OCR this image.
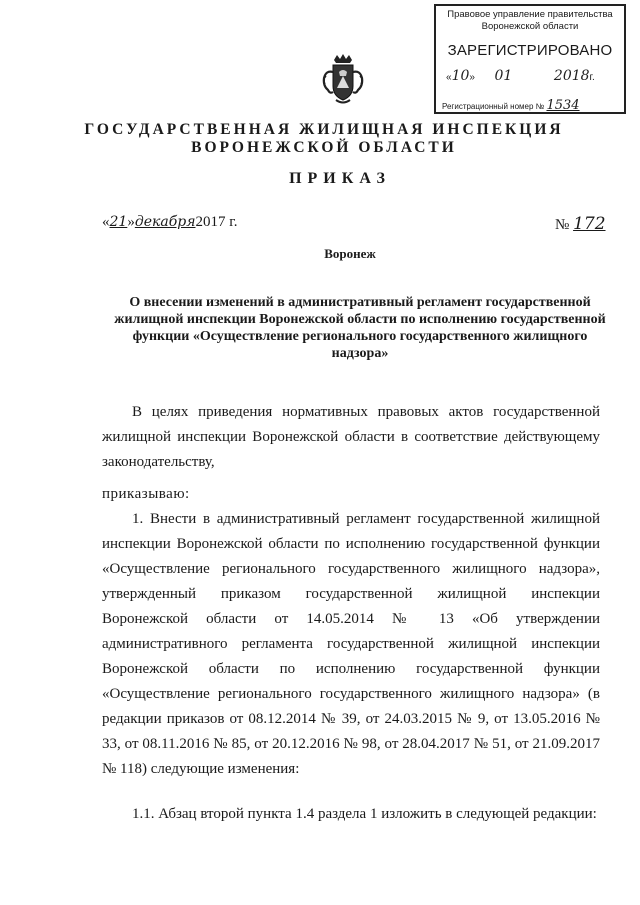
Правовое управление правительства
Воронежской области
ЗАРЕГИСТРИРОВАНО
«10» 01	2018г.
Регистрационный номер № 1534
ГОСУДАРСТВЕННАЯ ЖИЛИЩНАЯ ИНСПЕКЦИЯ
ВОРОНЕЖСКОЙ ОБЛАСТИ
ПРИКАЗ
«21»декабря2017 г.	№ 172
Воронеж
О внесении изменений в административный регламент государственной жилищной инспекции Воронежской области по исполнению государственной функции «Осуществление регионального государственного жилищного надзора»
В целях приведения нормативных правовых актов государственной жилищной инспекции Воронежской области в соответствие действующему законодательству,
приказываю:
1. Внести в административный регламент государственной жилищной инспекции Воронежской области по исполнению государственной функции «Осуществление регионального государственного жилищного надзора», утвержденный приказом государственной жилищной инспекции Воронежской области от 14.05.2014 № 13 «Об утверждении административного регламента государственной жилищной инспекции Воронежской области по исполнению государственной функции «Осуществление регионального государственного жилищного надзора» (в редакции приказов от 08.12.2014 № 39, от 24.03.2015 № 9, от 13.05.2016 № 33, от 08.11.2016 № 85, от 20.12.2016 № 98, от 28.04.2017 № 51, от 21.09.2017 № 118) следующие изменения:
1.1. Абзац второй пункта 1.4 раздела 1 изложить в следующей редакции:
